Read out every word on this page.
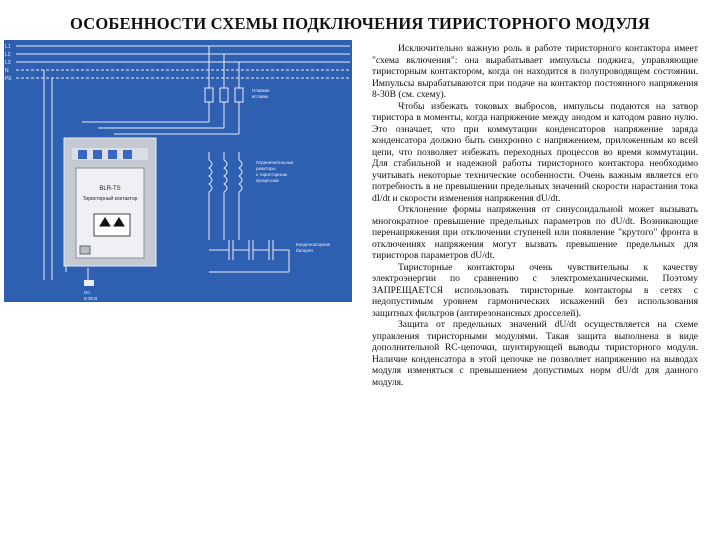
ОСОБЕННОСТИ СХЕМЫ ПОДКЛЮЧЕНИЯ ТИРИСТОРНОГО МОДУЛЯ
L1
L2
L3
N
PE
Плавкие
вставки
Ограничительные
реакторы
к тиристорным
процессам
Конденсаторная
батарея
BLR-TS
Тиристорный контактор
DC
8-30 В

Исключительно важную роль в работе тиристорного контактора имеет "схема включения": она вырабатывает импульсы поджига, управляющие тиристорным контактором, когда он находится в полупроводящем состоянии. Импульсы вырабатываются при подаче на контактор постоянного напряжения 8-30В (см. схему).

Чтобы избежать токовых выбросов, импульсы подаются на затвор тиристора в моменты, когда напряжение между анодом и катодом равно нулю. Это означает, что при коммутации конденсаторов напряжение заряда конденсатора должно быть синхронно с напряжением, приложенным ко всей цепи, что позволяет избежать переходных процессов во время коммутации. Для стабильной и надежной работы тиристорного контактора необходимо учитывать некоторые технические особенности. Очень важным является его потребность в не превышении предельных значений скорости нарастания тока dI/dt и скорости изменения напряжения dU/dt.

Отклонение формы напряжения от синусоидальной может вызывать многократное превышение предельных параметров по dU/dt. Возникающие перенапряжения при отключении ступеней или появление "крутого" фронта в отключениях напряжения могут вызвать превышение предельных для тиристоров параметров dU/dt.

Тиристорные контакторы очень чувствительны к качеству электроэнергии по сравнению с электромеханическими. Поэтому ЗАПРЕЩАЕТСЯ использовать тиристорные контакторы в сетях с недопустимым уровнем гармонических искажений без использования защитных фильтров (антирезонансных дросселей).

Защита от предельных значений dU/dt осуществляется на схеме управления тиристорными модулями. Такая защита выполнена в виде дополнительной RC-цепочки, шунтирующей выводы тиристорного модуля. Наличие конденсатора в этой цепочке не позволяет напряжению на выводах модуля изменяться с превышением допустимых норм dU/dt для данного модуля.
